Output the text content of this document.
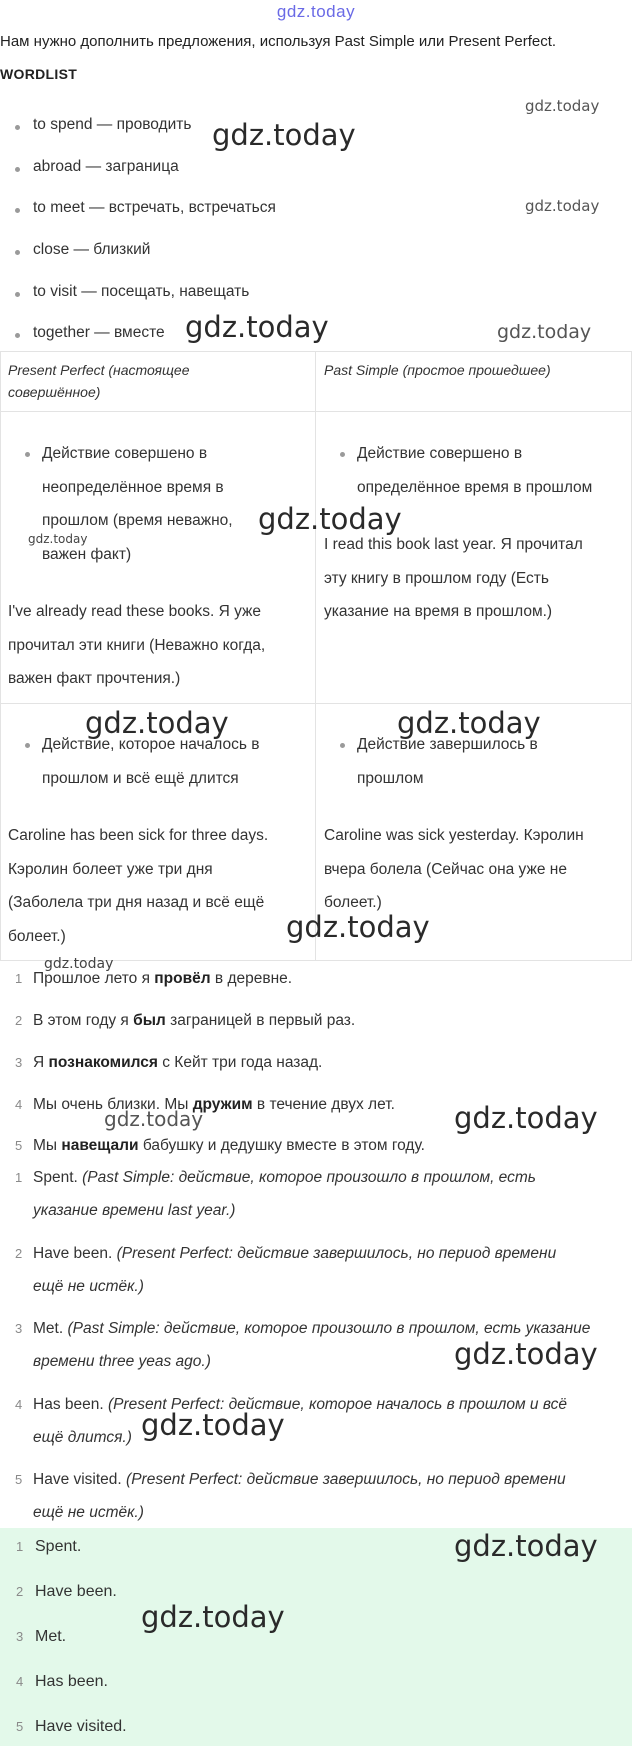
gdz.today
Нам нужно дополнить предложения, используя Past Simple или Present Perfect.
WORDLIST
to spend — проводить
abroad — заграница
to meet — встречать, встречаться
close — близкий
to visit — посещать, навещать
together — вместе
Present Perfect (настоящее
совершённое)
Past Simple (простое прошедшее)
Действие совершено в
неопределённое время в
прошлом (время неважно,
важен факт)
I've already read these books. Я уже
прочитал эти книги (Неважно когда,
важен факт прочтения.)
Действие совершено в
определённое время в прошлом
I read this book last year. Я прочитал
эту книгу в прошлом году (Есть
указание на время в прошлом.)
Действие, которое началось в
прошлом и всё ещё длится
Caroline has been sick for three days.
Кэролин болеет уже три дня
(Заболела три дня назад и всё ещё
болеет.)
Действие завершилось в
прошлом
Caroline was sick yesterday. Кэролин
вчера болела (Сейчас она уже не
болеет.)
1 Прошлое лето я провёл в деревне.
2 В этом году я был заграницей в первый раз.
3 Я познакомился с Кейт три года назад.
4 Мы очень близки. Мы дружим в течение двух лет.
5 Мы навещали бабушку и дедушку вместе в этом году.
1 Spent. (Past Simple: действие, которое произошло в прошлом, есть
указание времени last year.)
2 Have been. (Present Perfect: действие завершилось, но период времени
ещё не истёк.)
3 Met. (Past Simple: действие, которое произошло в прошлом, есть указание
времени three yeas ago.)
4 Has been. (Present Perfect: действие, которое началось в прошлом и всё
ещё длится.)
5 Have visited. (Present Perfect: действие завершилось, но период времени
ещё не истёк.)
1 Spent.
2 Have been.
3 Met.
4 Has been.
5 Have visited.
gdz.today
gdz.today
gdz.today
gdz.today	gdz.today
gdz.today
gdz.today
gdz.today	gdz.today
gdz.today
gdz.today
gdz.today
gdz.today
gdz.today
gdz.today
gdz.today
gdz.today
